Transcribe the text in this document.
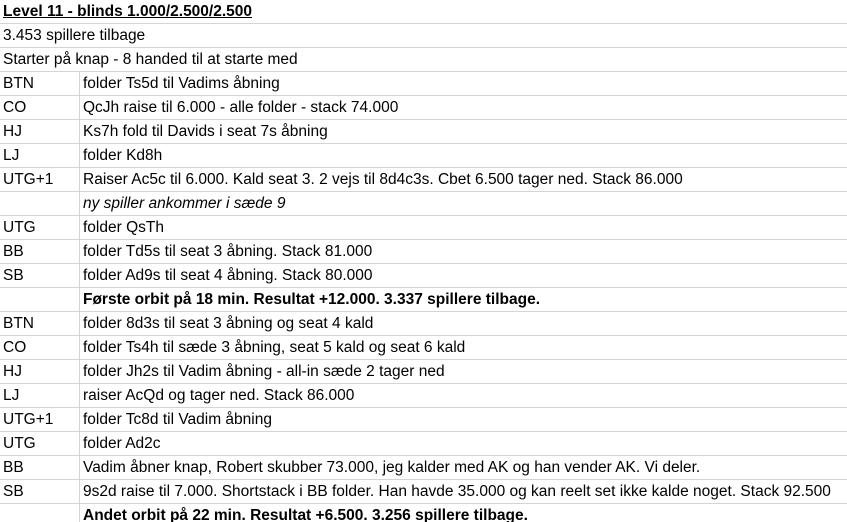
Level 11 - blinds 1.000/2.500/2.500
3.453 spillere tilbage
Starter på knap - 8 handed til at starte med
BTN	folder Ts5d til Vadims åbning
CO	QcJh raise til 6.000 - alle folder - stack 74.000
HJ	Ks7h fold til Davids i seat 7s åbning
LJ	folder Kd8h
UTG+1	Raiser Ac5c til 6.000. Kald seat 3. 2 vejs til 8d4c3s. Cbet 6.500 tager ned. Stack 86.000
ny spiller ankommer i sæde 9
UTG	folder QsTh
BB	folder Td5s til seat 3 åbning. Stack 81.000
SB	folder Ad9s til seat 4 åbning. Stack 80.000
Første orbit på 18 min. Resultat +12.000. 3.337 spillere tilbage.
BTN	folder 8d3s til seat 3 åbning og seat 4 kald
CO	folder Ts4h til sæde 3 åbning, seat 5 kald og seat 6 kald
HJ	folder Jh2s til Vadim åbning - all-in sæde 2 tager ned
LJ	raiser AcQd og tager ned. Stack 86.000
UTG+1	folder Tc8d til Vadim åbning
UTG	folder Ad2c
BB	Vadim åbner knap, Robert skubber 73.000, jeg kalder med AK og han vender AK. Vi deler.
SB	9s2d raise til 7.000. Shortstack i BB folder. Han havde 35.000 og kan reelt set ikke kalde noget. Stack 92.500
Andet orbit på 22 min. Resultat +6.500. 3.256 spillere tilbage.
